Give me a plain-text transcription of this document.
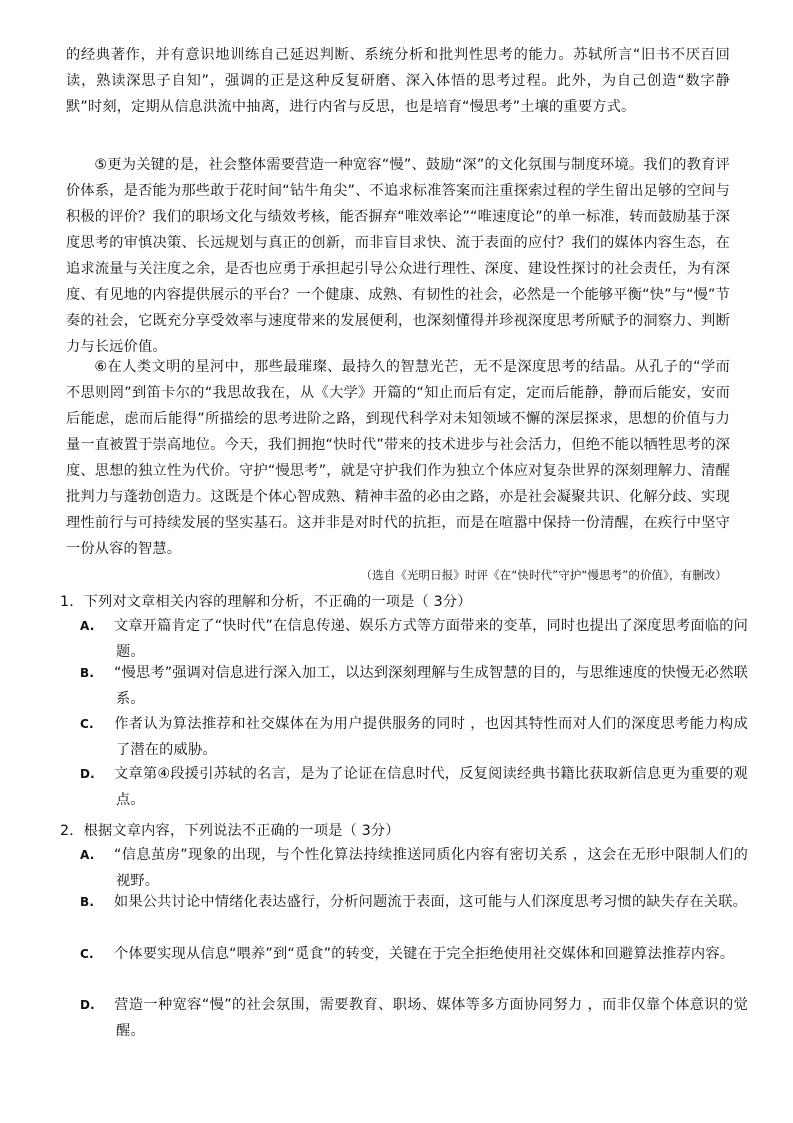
的经典著作，并有意识地训练自己延迟判断、系统分析和批判性思考的能力。苏轼所言“旧书不厌百回读，熟读深思子自知”，强调的正是这种反复研磨、深入体悟的思考过程。此外，为自己创造“数字静默”时刻，定期从信息洪流中抽离，进行内省与反思，也是培育“慢思考”土壤的重要方式。

⑤更为关键的是，社会整体需要营造一种宽容“慢”、鼓励“深”的文化氛围与制度环境。我们的教育评价体系，是否能为那些敢于花时间“钻牛角尖”、不追求标准答案而注重探索过程的学生留出足够的空间与积极的评价？我们的职场文化与绩效考核，能否摒弃“唯效率论”“唯速度论”的单一标准，转而鼓励基于深度思考的审慎决策、长远规划与真正的创新，而非盲目求快、流于表面的应付？我们的媒体内容生态，在追求流量与关注度之余，是否也应勇于承担起引导公众进行理性、深度、建设性探讨的社会责任，为有深度、有见地的内容提供展示的平台？一个健康、成熟、有韧性的社会，必然是一个能够平衡“快”与“慢”节奏的社会，它既充分享受效率与速度带来的发展便利，也深刻懂得并珍视深度思考所赋予的洞察力、判断力与长远价值。

⑥在人类文明的星河中，那些最璀璨、最持久的智慧光芒，无不是深度思考的结晶。从孔子的“学而不思则罔”到笛卡尔的“我思故我在，从《大学》开篇的“知止而后有定，定而后能静，静而后能安，安而后能虑，虑而后能得”所描绘的思考进阶之路，到现代科学对未知领域不懈的深层探求，思想的价值与力量一直被置于崇高地位。今天，我们拥抱“快时代”带来的技术进步与社会活力，但绝不能以牺牲思考的深度、思想的独立性为代价。守护“慢思考”，就是守护我们作为独立个体应对复杂世界的深刻理解力、清醒批判力与蓬勃创造力。这既是个体心智成熟、精神丰盈的必由之路，亦是社会凝聚共识、化解分歧、实现理性前行与可持续发展的坚实基石。这并非是对时代的抗拒，而是在喧嚣中保持一份清醒，在疾行中坚守一份从容的智慧。

（选自《光明日报》时评《在“快时代”守护“慢思考”的价值》，有删改）

1．下列对文章相关内容的理解和分析，不正确的一项是（ 3分）

A. 文章开篇肯定了“快时代”在信息传递、娱乐方式等方面带来的变革，同时也提出了深度思考面临的问题。

B. “慢思考”强调对信息进行深入加工，以达到深刻理解与生成智慧的目的，与思维速度的快慢无必然联系。

C. 作者认为算法推荐和社交媒体在为用户提供服务的同时 ，也因其特性而对人们的深度思考能力构成了潜在的威胁。

D. 文章第④段援引苏轼的名言，是为了论证在信息时代，反复阅读经典书籍比获取新信息更为重要的观点。

2．根据文章内容，下列说法不正确的一项是（ 3分）

A. “信息茧房”现象的出现，与个性化算法持续推送同质化内容有密切关系 ，这会在无形中限制人们的视野。

B. 如果公共讨论中情绪化表达盛行，分析问题流于表面，这可能与人们深度思考习惯的缺失存在关联。

C. 个体要实现从信息“喂养”到“觅食”的转变，关键在于完全拒绝使用社交媒体和回避算法推荐内容。

D. 营造一种宽容“慢”的社会氛围，需要教育、职场、媒体等多方面协同努力 ，而非仅靠个体意识的觉醒。
